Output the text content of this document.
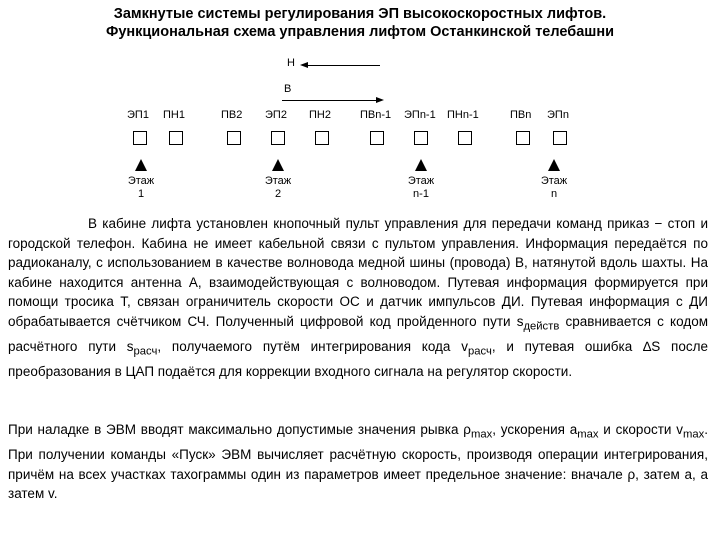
Замкнутые системы регулирования ЭП высокоскоростных лифтов.
Функциональная схема управления лифтом Останкинской телебашни
Н
В
ЭП1 ПН1	ПВ2 ЭП2 ПН2	ПВn-1 ЭПn-1 ПНn-1	ПВn ЭПn
Этаж
1
Этаж
2
Этаж
n-1
Этаж
n

В кабине лифта установлен кнопочный пульт управления для передачи команд приказ − стоп и городской телефон. Кабина не имеет кабельной связи с пультом управления. Информация передаётся по радиоканалу, с использованием в качестве волновода медной шины (провода) В, натянутой вдоль шахты. На кабине находится антенна А, взаимодействующая с волноводом. Путевая информация формируется при помощи тросика Т, связан ограничитель скорости ОС и датчик импульсов ДИ. Путевая информация с ДИ обрабатывается счётчиком СЧ. Полученный цифровой код пройденного пути $s_{действ}$ сравнивается с кодом расчётного пути $s_{расч}$, получаемого путём интегрирования кода $v_{расч}$, и путевая ошибка ∆S после преобразования в ЦАП подаётся для коррекции входного сигнала на регулятор скорости.

При наладке в ЭВМ вводят максимально допустимые значения рывка $\rho_{max}$, ускорения $a_{max}$ и скорости $v_{max}$. При получении команды «Пуск» ЭВМ вычисляет расчётную скорость, производя операции интегрирования, причём на всех участках тахограммы один из параметров имеет предельное значение: вначале ρ, затем a, а затем v.
